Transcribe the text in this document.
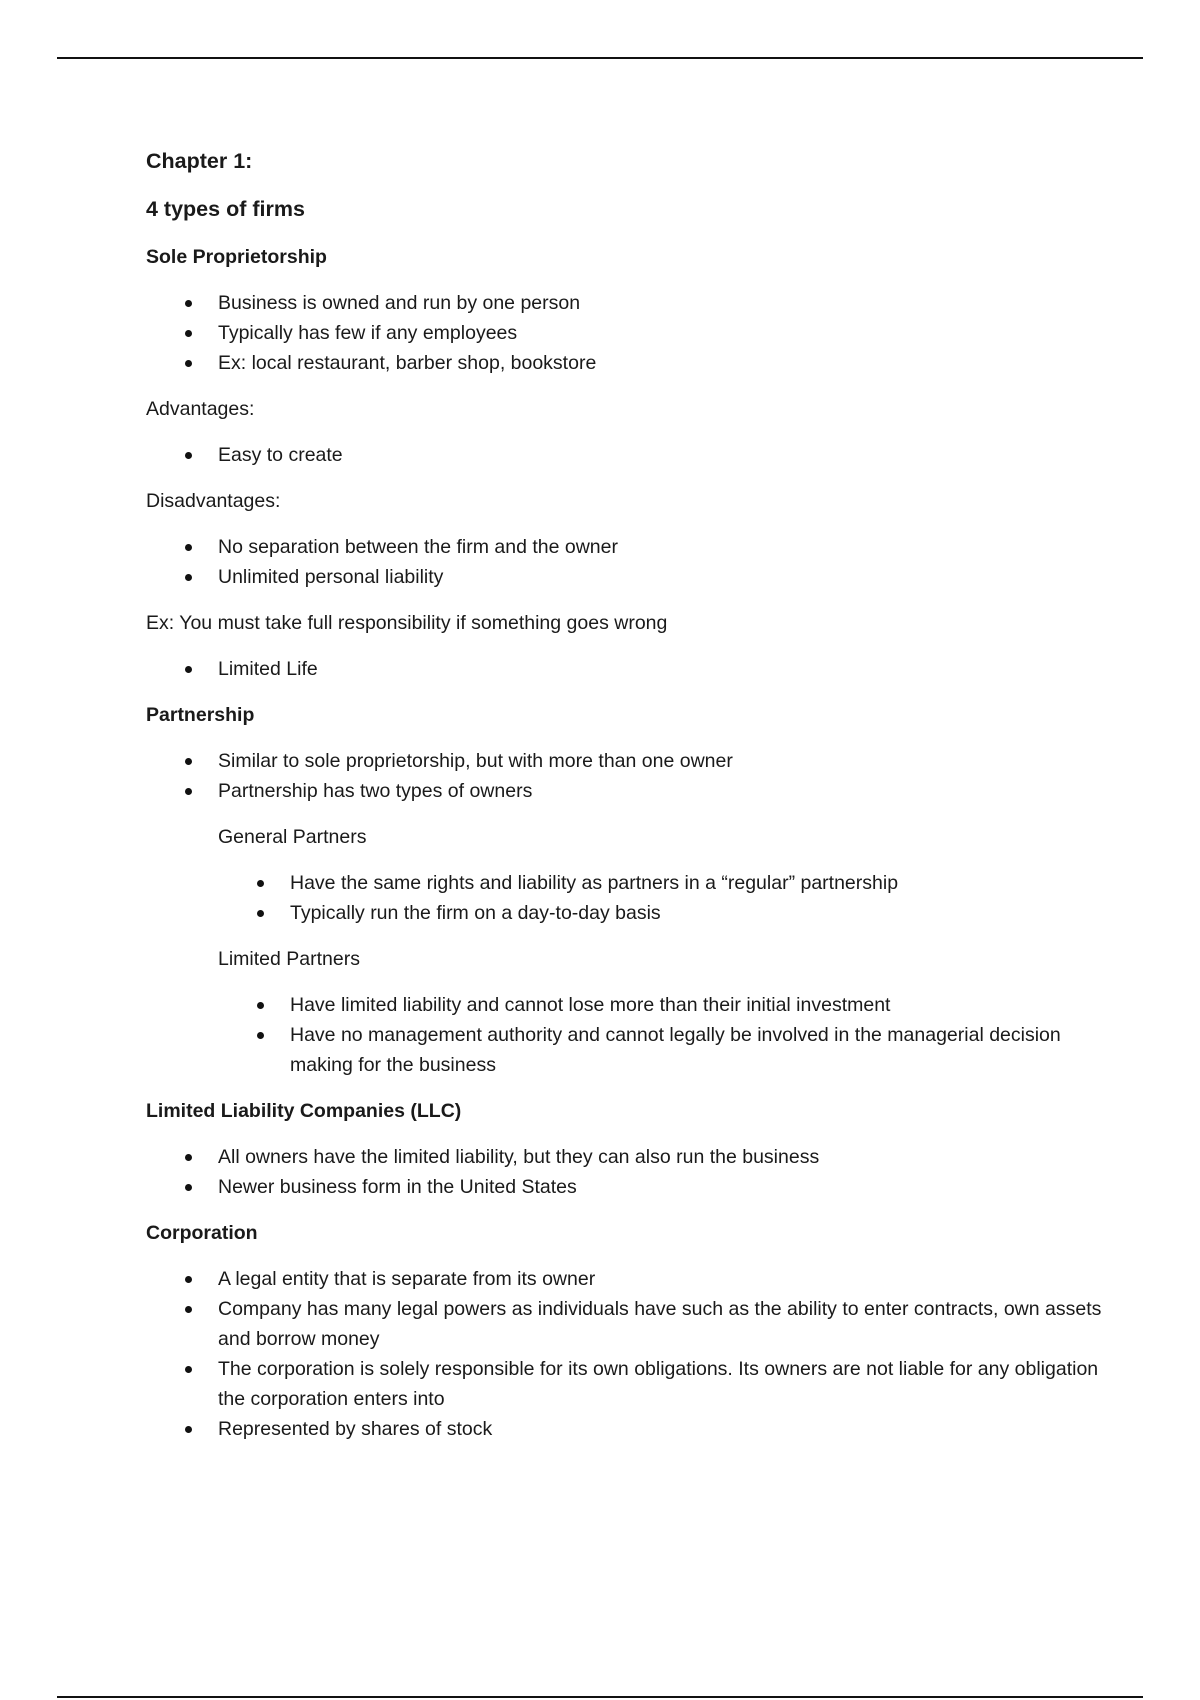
Chapter 1:
4 types of firms
Sole Proprietorship
Business is owned and run by one person
Typically has few if any employees
Ex: local restaurant, barber shop, bookstore
Advantages:
Easy to create
Disadvantages:
No separation between the firm and the owner
Unlimited personal liability
Ex: You must take full responsibility if something goes wrong
Limited Life
Partnership
Similar to sole proprietorship, but with more than one owner
Partnership has two types of owners
General Partners
Have the same rights and liability as partners in a “regular” partnership
Typically run the firm on a day-to-day basis
Limited Partners
Have limited liability and cannot lose more than their initial investment
Have no management authority and cannot legally be involved in the managerial decision making for the business
Limited Liability Companies (LLC)
All owners have the limited liability, but they can also run the business
Newer business form in the United States
Corporation
A legal entity that is separate from its owner
Company has many legal powers as individuals have such as the ability to enter contracts, own assets and borrow money
The corporation is solely responsible for its own obligations. Its owners are not liable for any obligation the corporation enters into
Represented by shares of stock
